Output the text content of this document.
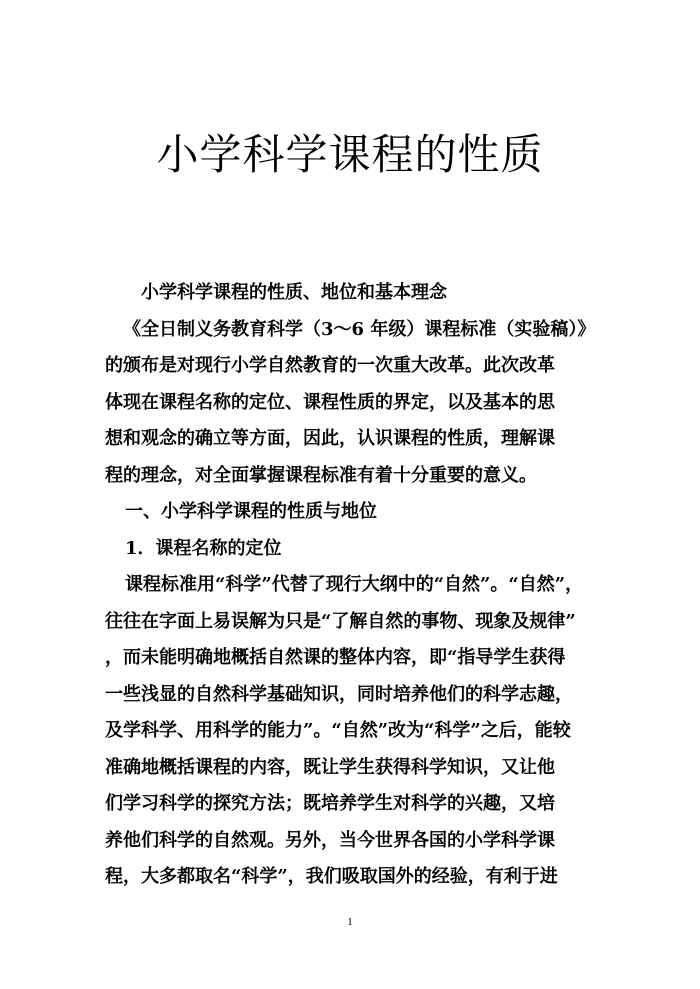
小学科学课程的性质
小学科学课程的性质、地位和基本理念
《全日制义务教育科学（3～6 年级）课程标准（实验稿）》
的颁布是对现行小学自然教育的一次重大改革。此次改革
体现在课程名称的定位、课程性质的界定，以及基本的思
想和观念的确立等方面，因此，认识课程的性质，理解课
程的理念，对全面掌握课程标准有着十分重要的意义。
一、小学科学课程的性质与地位
1．课程名称的定位
课程标准用“科学”代替了现行大纲中的“自然”。“自然”，
往往在字面上易误解为只是“了解自然的事物、现象及规律”
，而未能明确地概括自然课的整体内容，即“指导学生获得
一些浅显的自然科学基础知识，同时培养他们的科学志趣，
及学科学、用科学的能力”。“自然”改为“科学”之后，能较
准确地概括课程的内容，既让学生获得科学知识，又让他
们学习科学的探究方法；既培养学生对科学的兴趣，又培
养他们科学的自然观。另外，当今世界各国的小学科学课
程，大多都取名“科学”，我们吸取国外的经验，有利于进
1
